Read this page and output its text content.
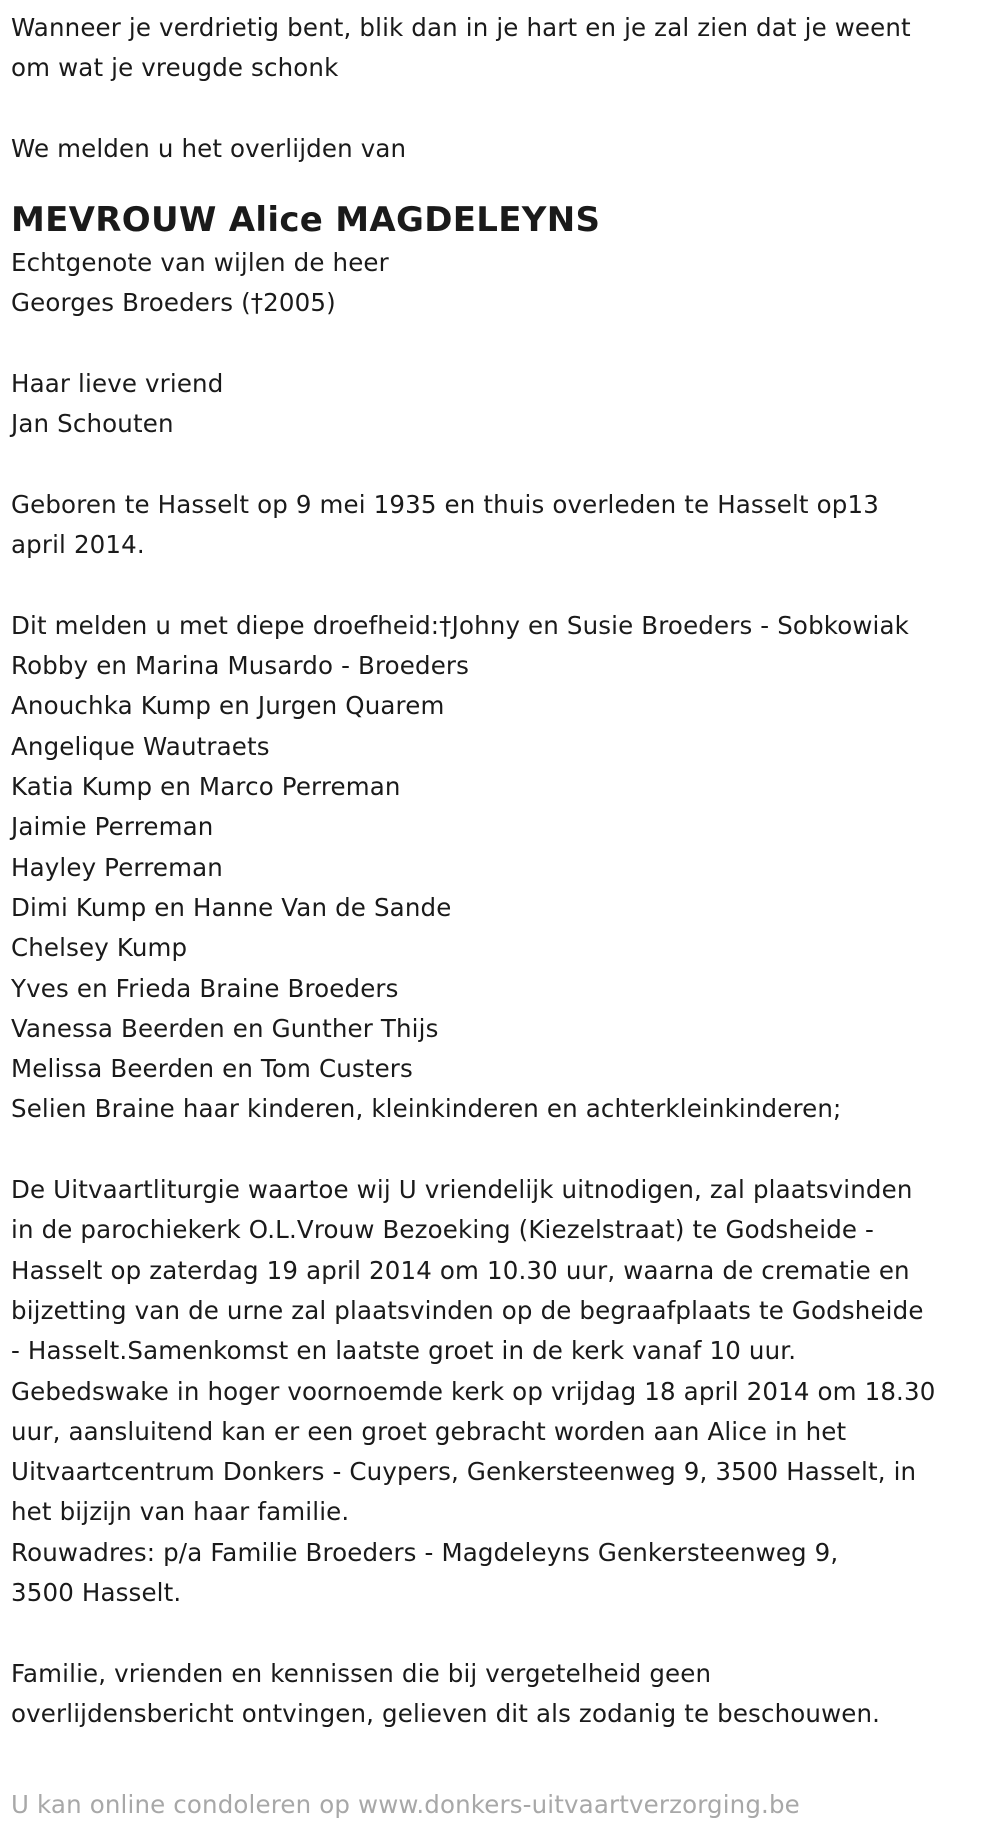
Wanneer je verdrietig bent, blik dan in je hart en je zal zien dat je weent
om wat je vreugde schonk
We melden u het overlijden van
MEVROUW Alice MAGDELEYNS
Echtgenote van wijlen de heer
Georges Broeders (†2005)
Haar lieve vriend
Jan Schouten
Geboren te Hasselt op 9 mei 1935 en thuis overleden te Hasselt op13
april 2014.
Dit melden u met diepe droefheid:†Johny en Susie Broeders - Sobkowiak
Robby en Marina Musardo - Broeders
Anouchka Kump en Jurgen Quarem
Angelique Wautraets
Katia Kump en Marco Perreman
Jaimie Perreman
Hayley Perreman
Dimi Kump en Hanne Van de Sande
Chelsey Kump
Yves en Frieda Braine Broeders
Vanessa Beerden en Gunther Thijs
Melissa Beerden en Tom Custers
Selien Braine haar kinderen, kleinkinderen en achterkleinkinderen;
De Uitvaartliturgie waartoe wij U vriendelijk uitnodigen, zal plaatsvinden
in de parochiekerk O.L.Vrouw Bezoeking (Kiezelstraat) te Godsheide -
Hasselt op zaterdag 19 april 2014 om 10.30 uur, waarna de crematie en
bijzetting van de urne zal plaatsvinden op de begraafplaats te Godsheide
- Hasselt.Samenkomst en laatste groet in de kerk vanaf 10 uur.
Gebedswake in hoger voornoemde kerk op vrijdag 18 april 2014 om 18.30
uur, aansluitend kan er een groet gebracht worden aan Alice in het
Uitvaartcentrum Donkers - Cuypers, Genkersteenweg 9, 3500 Hasselt, in
het bijzijn van haar familie.
Rouwadres: p/a Familie Broeders - Magdeleyns Genkersteenweg 9,
3500 Hasselt.
Familie, vrienden en kennissen die bij vergetelheid geen
overlijdensbericht ontvingen, gelieven dit als zodanig te beschouwen.
U kan online condoleren op www.donkers-uitvaartverzorging.be
